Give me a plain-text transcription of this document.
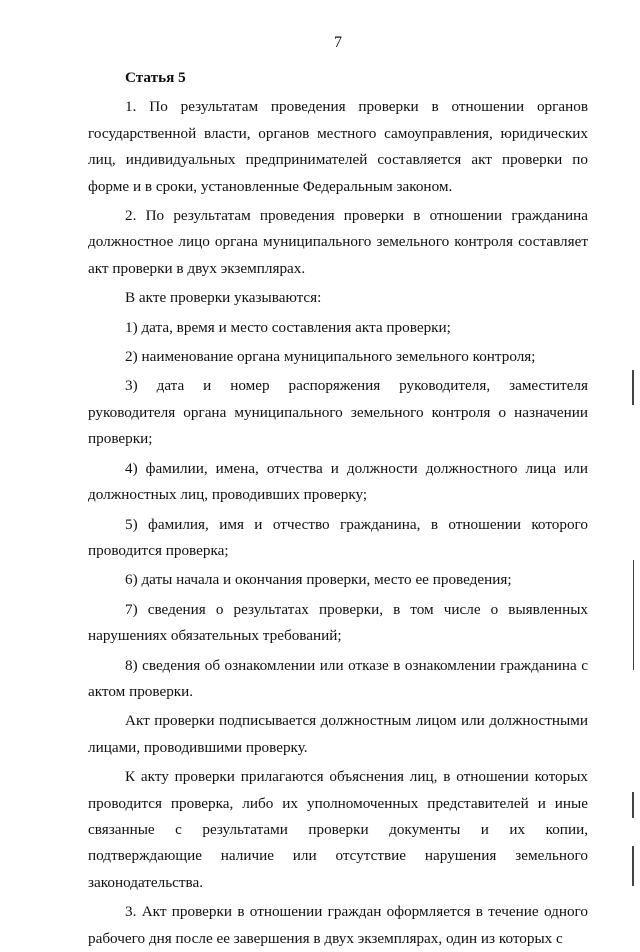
7

Статья 5

1. По результатам проведения проверки в отношении органов государственной власти, органов местного самоуправления, юридических лиц, индивидуальных предпринимателей составляется акт проверки по форме и в сроки, установленные Федеральным законом.

2. По результатам проведения проверки в отношении гражданина должностное лицо органа муниципального земельного контроля составляет акт проверки в двух экземплярах.

В акте проверки указываются:

1) дата, время и место составления акта проверки;

2) наименование органа муниципального земельного контроля;

3) дата и номер распоряжения руководителя, заместителя руководителя органа муниципального земельного контроля о назначении проверки;

4) фамилии, имена, отчества и должности должностного лица или должностных лиц, проводивших проверку;

5) фамилия, имя и отчество гражданина, в отношении которого проводится проверка;

6) даты начала и окончания проверки, место ее проведения;

7) сведения о результатах проверки, в том числе о выявленных нарушениях обязательных требований;

8) сведения об ознакомлении или отказе в ознакомлении гражданина с актом проверки.

Акт проверки подписывается должностным лицом или должностными лицами, проводившими проверку.

К акту проверки прилагаются объяснения лиц, в отношении которых проводится проверка, либо их уполномоченных представителей и иные связанные с результатами проверки документы и их копии, подтверждающие наличие или отсутствие нарушения земельного законодательства.

3. Акт проверки в отношении граждан оформляется в течение одного рабочего дня после ее завершения в двух экземплярах, один из которых с
